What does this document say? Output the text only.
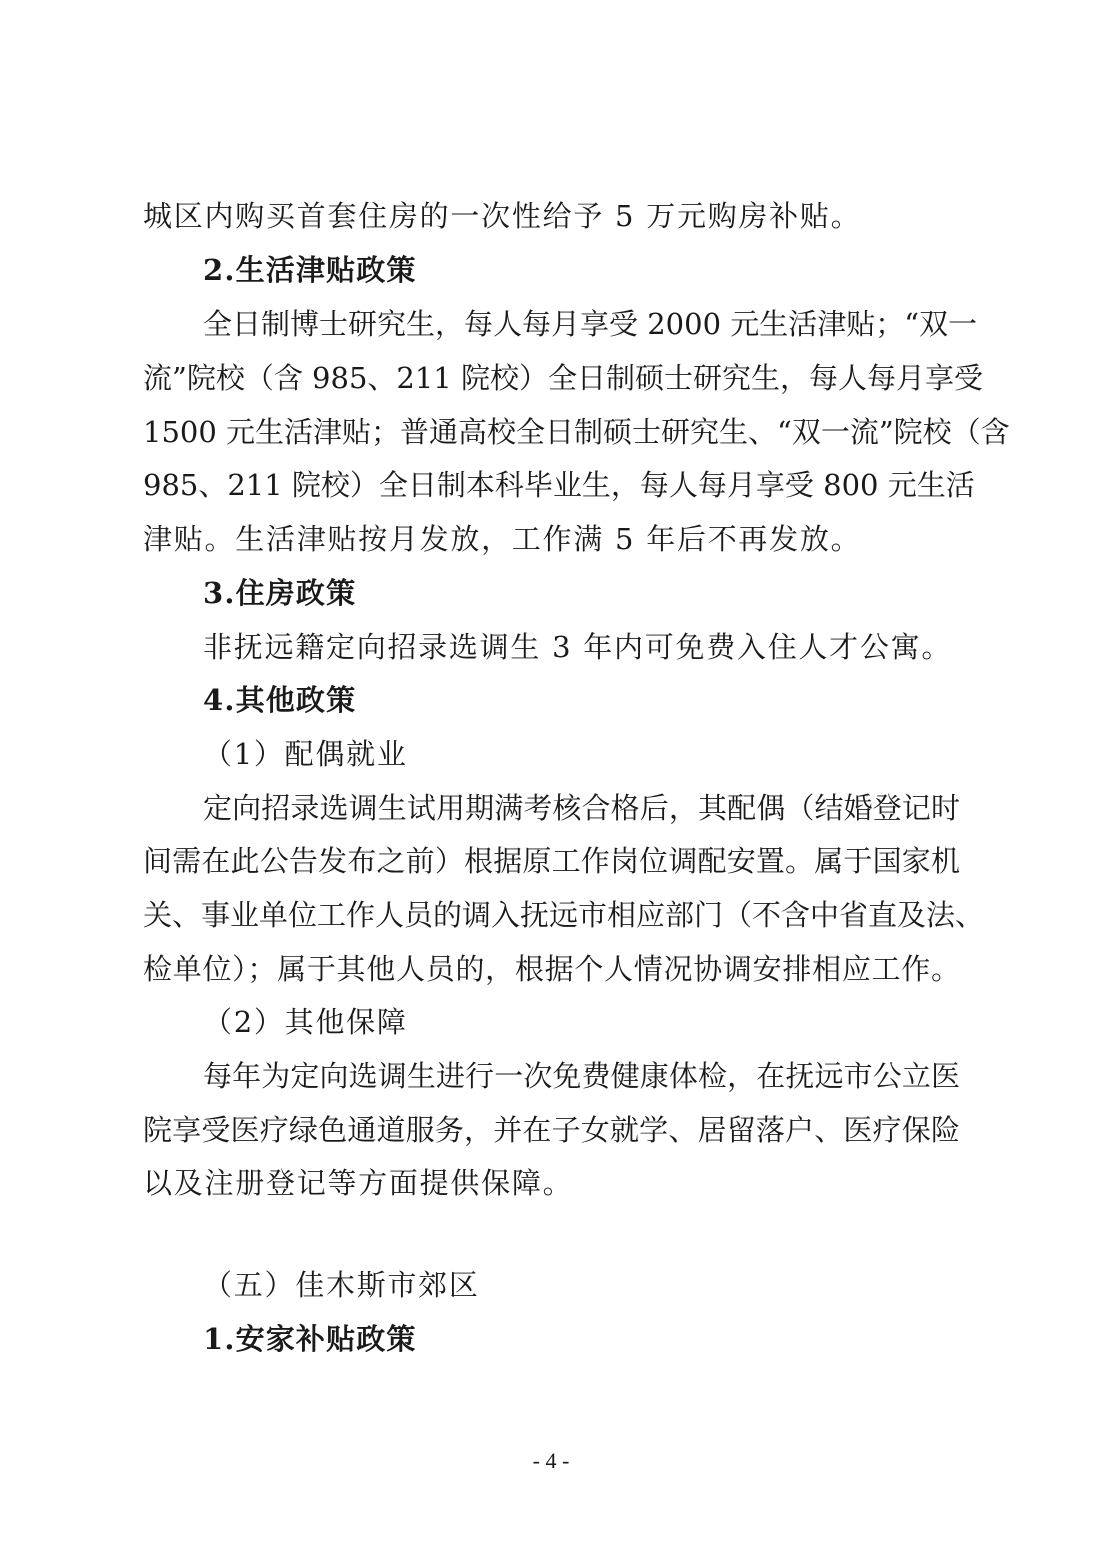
城区内购买首套住房的一次性给予 5 万元购房补贴。
2.生活津贴政策
全日制博士研究生，每人每月享受 2000 元生活津贴；“双一
流”院校（含 985、211 院校）全日制硕士研究生，每人每月享受
1500 元生活津贴；普通高校全日制硕士研究生、“双一流”院校（含
985、211 院校）全日制本科毕业生，每人每月享受 800 元生活
津贴。生活津贴按月发放，工作满 5 年后不再发放。
3.住房政策
非抚远籍定向招录选调生 3 年内可免费入住人才公寓。
4.其他政策
（1）配偶就业
定向招录选调生试用期满考核合格后，其配偶（结婚登记时
间需在此公告发布之前）根据原工作岗位调配安置。属于国家机
关、事业单位工作人员的调入抚远市相应部门（不含中省直及法、
检单位）；属于其他人员的，根据个人情况协调安排相应工作。
（2）其他保障
每年为定向选调生进行一次免费健康体检，在抚远市公立医
院享受医疗绿色通道服务，并在子女就学、居留落户、医疗保险
以及注册登记等方面提供保障。
（五）佳木斯市郊区
1.安家补贴政策
- 4 -
